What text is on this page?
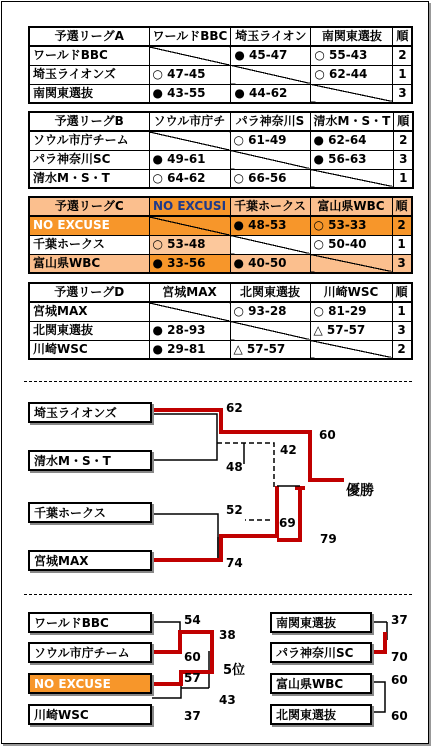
予選リーグA	ワールドBBC	埼玉ライオン	南関東選抜	順
ワールドBBC		● 45-47	○ 55-43	2
埼玉ライオンズ	○ 47-45		○ 62-44	1
南関東選抜	● 43-55	● 44-62		3
予選リーグB	ソウル市庁チ	パラ神奈川S	清水M・S・T	順
ソウル市庁チーム		○ 61-49	● 62-64	2
パラ神奈川SC	● 49-61		● 56-63	3
清水M・S・T	○ 64-62	○ 66-56		1
予選リーグC	NO EXCUSI	千葉ホークス	富山県WBC	順
NO EXCUSE		● 48-53	○ 53-33	2
千葉ホークス	○ 53-48		○ 50-40	1
富山県WBC	● 33-56	● 40-50		3
予選リーグD	宮城MAX	北関東選抜	川崎WSC	順
宮城MAX		○ 93-28	○ 81-29	1
北関東選抜	● 28-93		△ 57-57	3
川崎WSC	● 29-81	△ 57-57		2
埼玉ライオンズ
清水M・S・T
千葉ホークス
宮城MAX
62
48
52
74
60
42
69
79
優勝
ワールドBBC
ソウル市庁チーム
NO EXCUSE
川崎WSC
54
60
57
37
38
43
5位
南関東選抜
パラ神奈川SC
富山県WBC
北関東選抜
37
70
60
60
